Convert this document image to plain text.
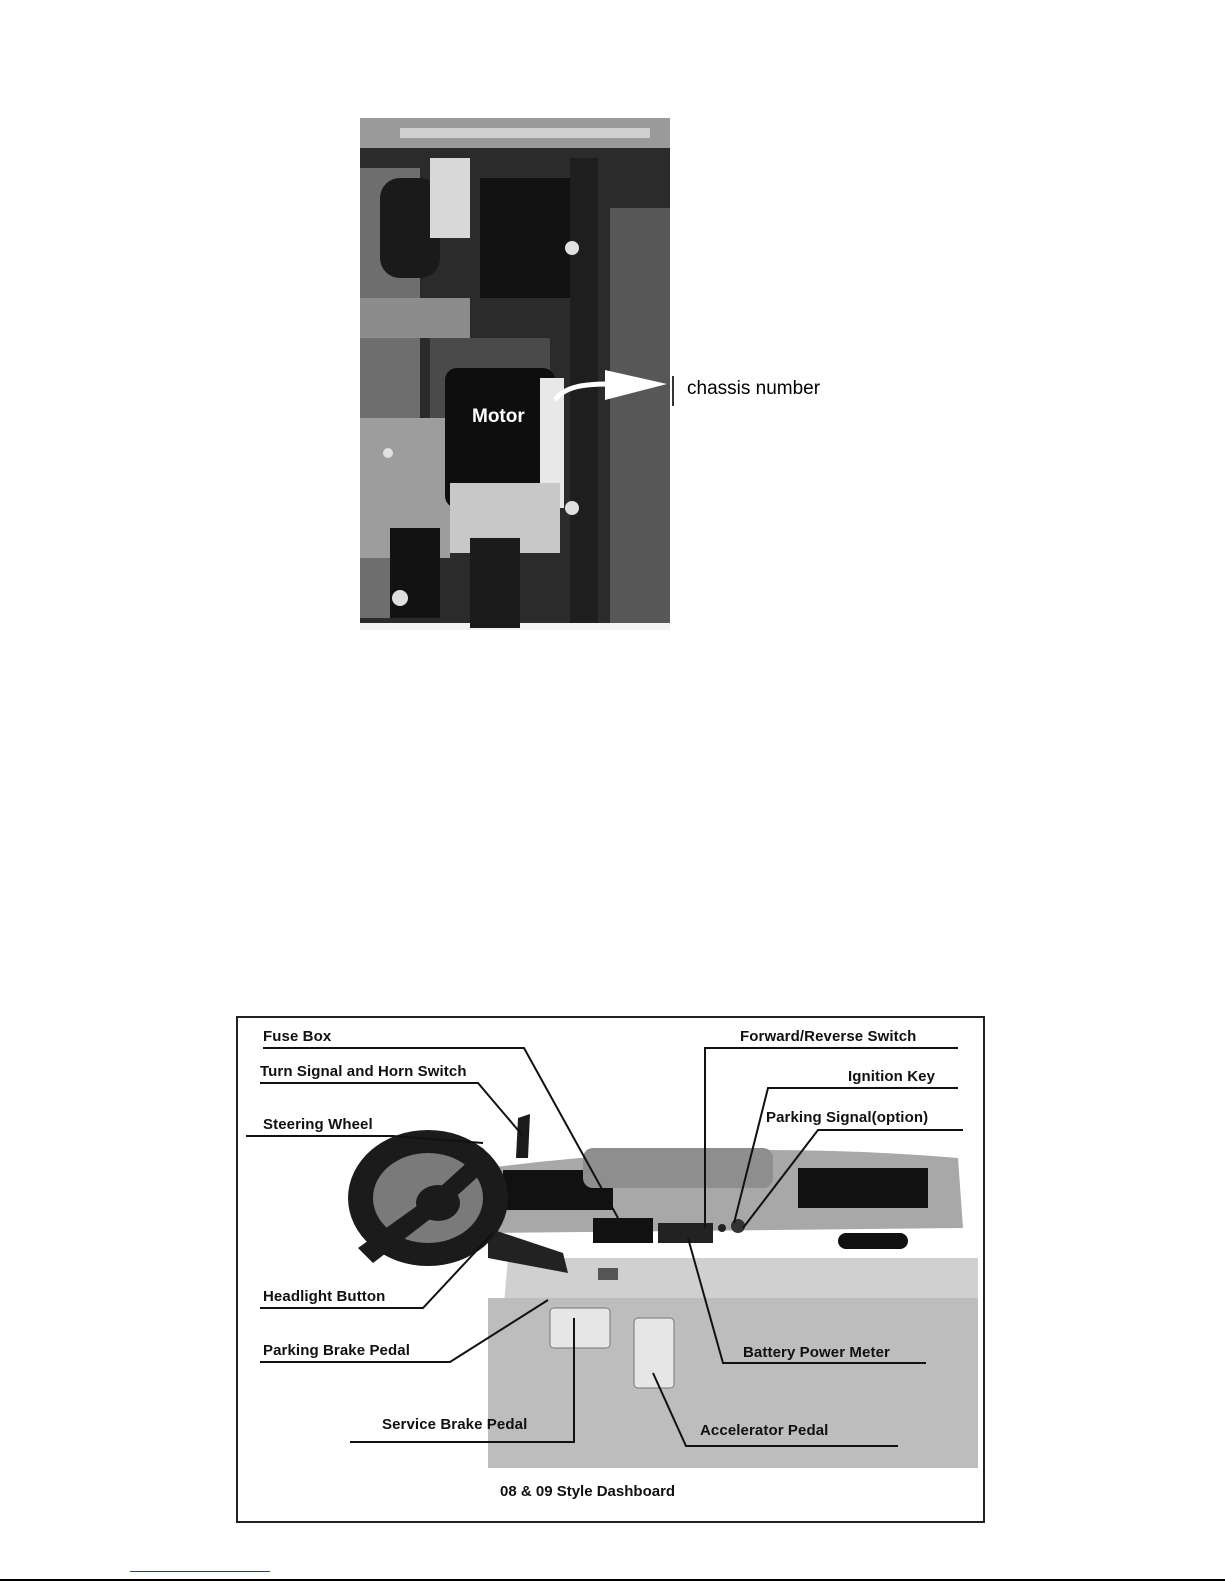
Motor
chassis number
Fuse Box
Turn Signal and Horn Switch
Steering Wheel
Headlight Button
Parking Brake Pedal
Service Brake Pedal
Forward/Reverse Switch
Ignition Key
Parking Signal(option)
Battery Power Meter
Accelerator Pedal
08 & 09 Style Dashboard
